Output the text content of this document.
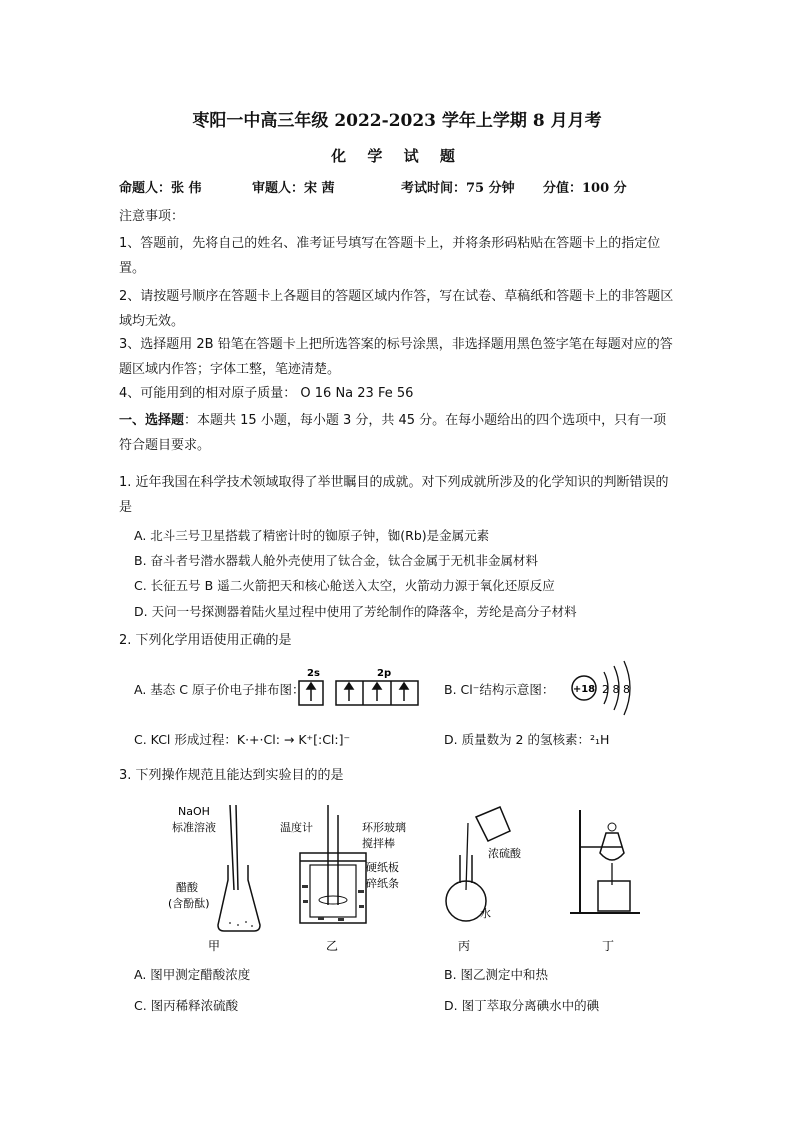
枣阳一中高三年级 2022-2023 学年上学期 8 月月考
化 学 试 题
命题人：张 伟	审题人：宋 茜	考试时间：75 分钟 分值：100 分
注意事项：
1、答题前，先将自己的姓名、准考证号填写在答题卡上，并将条形码粘贴在答题卡上的指定位置。
2、请按题号顺序在答题卡上各题目的答题区域内作答，写在试卷、草稿纸和答题卡上的非答题区域均无效。
3、选择题用 2B 铅笔在答题卡上把所选答案的标号涂黑，非选择题用黑色签字笔在每题对应的答题区域内作答；字体工整，笔迹清楚。
4、可能用到的相对原子质量： O 16 Na 23 Fe 56
一、选择题：本题共 15 小题，每小题 3 分，共 45 分。在每小题给出的四个选项中，只有一项符合题目要求。
1. 近年我国在科学技术领域取得了举世瞩目的成就。对下列成就所涉及的化学知识的判断错误的是
A. 北斗三号卫星搭载了精密计时的铷原子钟，铷(Rb)是金属元素
B. 奋斗者号潜水器载人舱外壳使用了钛合金，钛合金属于无机非金属材料
C. 长征五号 B 遥二火箭把天和核心舱送入太空，火箭动力源于氧化还原反应
D. 天问一号探测器着陆火星过程中使用了芳纶制作的降落伞，芳纶是高分子材料
2. 下列化学用语使用正确的是
A. 基态 C 原子价电子排布图：
2s	2p
B. Cl⁻结构示意图： +18 2 8 8
C. KCl 形成过程：K·+·Cl: → K⁺[:Cl:]⁻	D. 质量数为 2 的氢核素：²₁H
3. 下列操作规范且能达到实验目的的是
NaOH
标准溶液
醋酸
(含酚酞)
甲
温度计	环形玻璃
搅拌棒
硬纸板
碎纸条
乙
浓硫酸
水
丙	丁
A. 图甲测定醋酸浓度	B. 图乙测定中和热
C. 图丙稀释浓硫酸	D. 图丁萃取分离碘水中的碘
